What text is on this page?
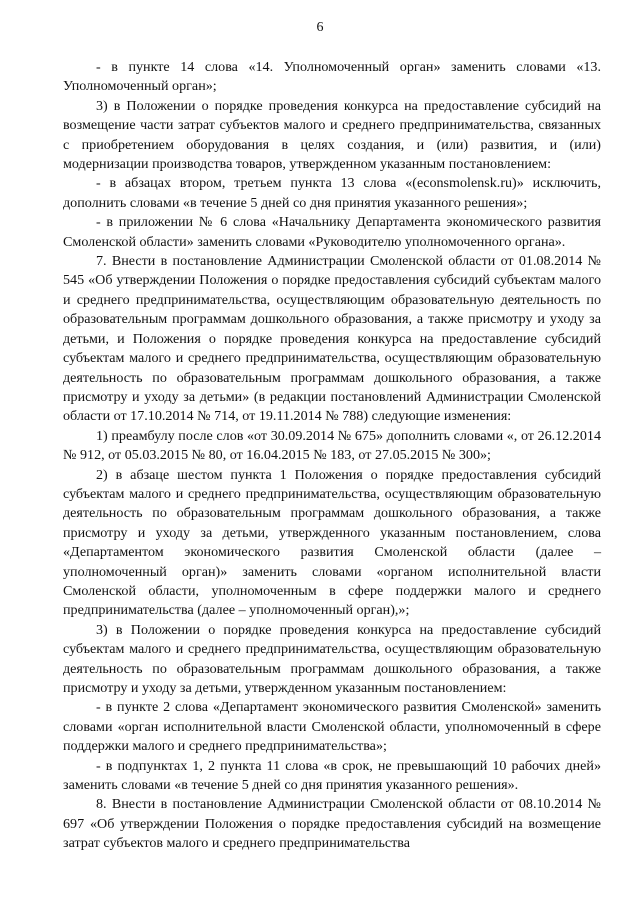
6

- в пункте 14 слова «14. Уполномоченный орган» заменить словами «13. Уполномоченный орган»;

3) в Положении о порядке проведения конкурса на предоставление субсидий на возмещение части затрат субъектов малого и среднего предпринимательства, связанных с приобретением оборудования в целях создания, и (или) развития, и (или) модернизации производства товаров, утвержденном указанным постановлением:

- в абзацах втором, третьем пункта 13 слова «(econsmolensk.ru)» исключить, дополнить словами «в течение 5 дней со дня принятия указанного решения»;

- в приложении № 6 слова «Начальнику Департамента экономического развития Смоленской области» заменить словами «Руководителю уполномоченного органа».

7. Внести в постановление Администрации Смоленской области от 01.08.2014 № 545 «Об утверждении Положения о порядке предоставления субсидий субъектам малого и среднего предпринимательства, осуществляющим образовательную деятельность по образовательным программам дошкольного образования, а также присмотру и уходу за детьми, и Положения о порядке проведения конкурса на предоставление субсидий субъектам малого и среднего предпринимательства, осуществляющим образовательную деятельность по образовательным программам дошкольного образования, а также присмотру и уходу за детьми» (в редакции постановлений Администрации Смоленской области от 17.10.2014 № 714, от 19.11.2014 № 788) следующие изменения:

1) преамбулу после слов «от 30.09.2014 № 675» дополнить словами «, от 26.12.2014 № 912, от 05.03.2015 № 80, от 16.04.2015 № 183, от 27.05.2015 № 300»;

2) в абзаце шестом пункта 1 Положения о порядке предоставления субсидий субъектам малого и среднего предпринимательства, осуществляющим образовательную деятельность по образовательным программам дошкольного образования, а также присмотру и уходу за детьми, утвержденного указанным постановлением, слова «Департаментом экономического развития Смоленской области (далее – уполномоченный орган)» заменить словами «органом исполнительной власти Смоленской области, уполномоченным в сфере поддержки малого и среднего предпринимательства (далее – уполномоченный орган),»;

3) в Положении о порядке проведения конкурса на предоставление субсидий субъектам малого и среднего предпринимательства, осуществляющим образовательную деятельность по образовательным программам дошкольного образования, а также присмотру и уходу за детьми, утвержденном указанным постановлением:

- в пункте 2 слова «Департамент экономического развития Смоленской» заменить словами «орган исполнительной власти Смоленской области, уполномоченный в сфере поддержки малого и среднего предпринимательства»;

- в подпунктах 1, 2 пункта 11 слова «в срок, не превышающий 10 рабочих дней» заменить словами «в течение 5 дней со дня принятия указанного решения».

8. Внести в постановление Администрации Смоленской области от 08.10.2014 № 697 «Об утверждении Положения о порядке предоставления субсидий на возмещение затрат субъектов малого и среднего предпринимательства
